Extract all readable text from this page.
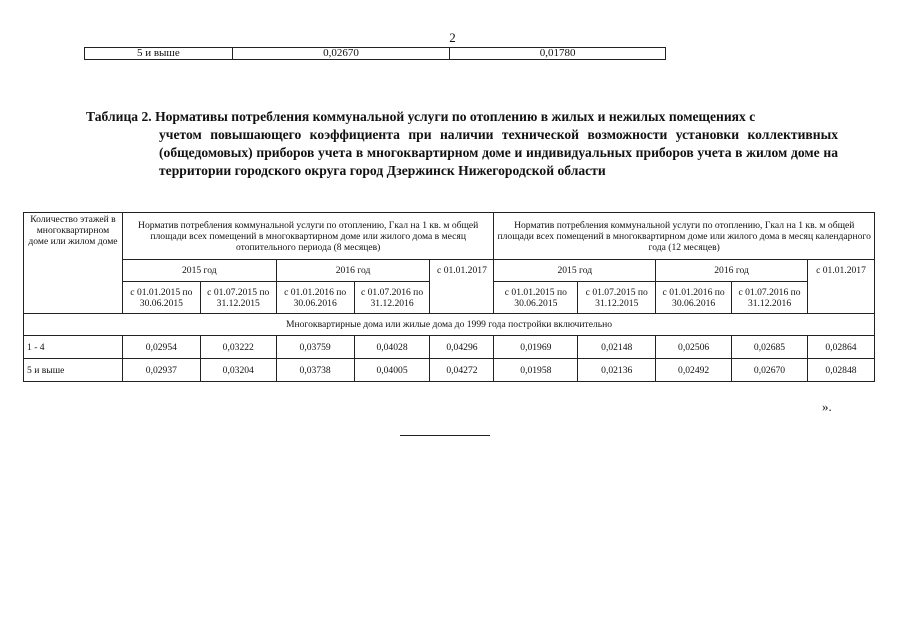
2
5 и выше	0,02670	0,01780
Таблица 2. Нормативы потребления коммунальной услуги по отоплению в жилых и нежилых помещениях с
учетом повышающего коэффициента при наличии технической возможности установки коллективных (общедомовых) приборов учета в многоквартирном доме и индивидуальных приборов учета в жилом доме на территории городского округа город Дзержинск Нижегородской области
Количество этажей в многоквартирном доме или жилом доме	Норматив потребления коммунальной услуги по отоплению, Гкал на 1 кв. м общей площади всех помещений в многоквартирном доме или жилого дома в месяц отопительного периода (8 месяцев)					Норматив потребления коммунальной услуги по отоплению, Гкал на 1 кв. м общей площади всех помещений в многоквартирном доме или жилого дома в месяц календарного года (12 месяцев)				
	2015 год		2016 год		с 01.01.2017	2015 год		2016 год		с 01.01.2017
	с 01.01.2015 по 30.06.2015	с 01.07.2015 по 31.12.2015	с 01.01.2016 по 30.06.2016	с 01.07.2016 по 31.12.2016		с 01.01.2015 по 30.06.2015	с 01.07.2015 по 31.12.2015	с 01.01.2016 по 30.06.2016	с 01.07.2016 по 31.12.2016	
Многоквартирные дома или жилые дома до 1999 года постройки включительно										
1 - 4	0,02954	0,03222	0,03759	0,04028	0,04296	0,01969	0,02148	0,02506	0,02685	0,02864
5 и выше	0,02937	0,03204	0,03738	0,04005	0,04272	0,01958	0,02136	0,02492	0,02670	0,02848
».
